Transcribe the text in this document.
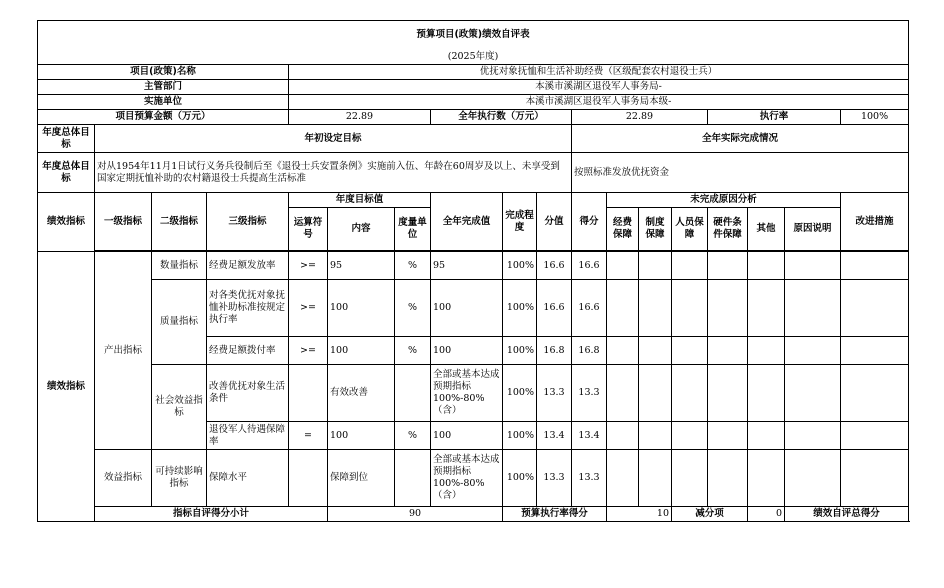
预算项目(政策)绩效自评表																		
(2025年度)																		
项目(政策)名称				优抚对象抚恤和生活补助经费（区级配套农村退役士兵）														
主管部门				本溪市溪湖区退役军人事务局-														
实施单位				本溪市溪湖区退役军人事务局本级-														
项目预算金额（万元）				22.89			全年执行数（万元）			22.89				执行率			100%	
年度总体目标	年初设定目标									全年实际完成情况								
年度总体目标	对从1954年11月1日试行义务兵役制后至《退役士兵安置条例》实施前入伍、年龄在60周岁及以上、未享受到国家定期抚恤补助的农村籍退役士兵提高生活标准									按照标准发放优抚资金								
绩效指标	一级指标	二级指标	三级指标	年度目标值			全年完成值	完成程度	分值	得分	未完成原因分析						改进措施	
				运算符号	内容	度量单位					经费保障	制度保障	人员保障	硬件条件保障	其他	原因说明		

绩效指标	产出指标	数量指标	经费足额发放率	>=	95	%	95	100%	16.6	16.6								
		质量指标	对各类优抚对象抚恤补助标准按规定执行率	>=	100	%	100	100%	16.6	16.6								
			经费足额拨付率	>=	100	%	100	100%	16.8	16.8								
		社会效益指标	改善优抚对象生活条件		有效改善		全部或基本达成预期指标100%-80%（含）	100%	13.3	13.3								
			退役军人待遇保障率	=	100	%	100	100%	13.4	13.4								
	效益指标	可持续影响指标	保障水平		保障到位		全部或基本达成预期指标100%-80%（含）	100%	13.3	13.3								
	指标自评得分小计				90			预算执行率得分			10		减分项		0	绩效自评总得分	
